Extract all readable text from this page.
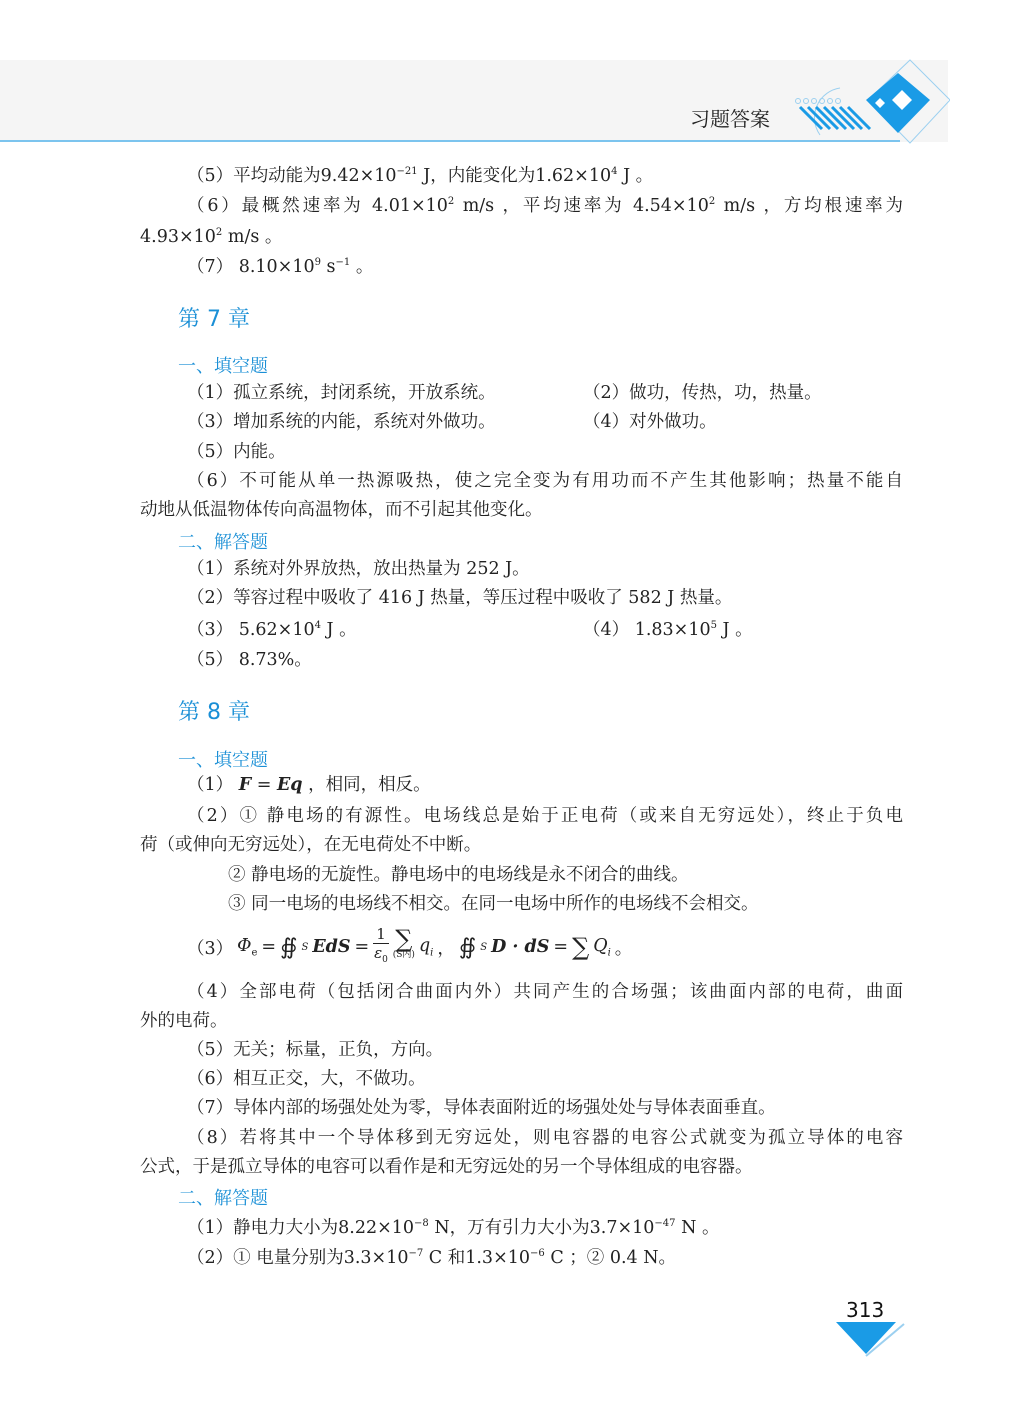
习题答案
（5）平均动能为$9.42\times 10^{-21}$ J，内能变化为$1.62\times 10^4$ J 。
（6）最概然速率为 $4.01\times 10^2$ m/s ，平均速率为 $4.54\times 10^2$ m/s ，方均根速率为
$4.93\times 10^2$ m/s 。
（7） $8.10\times 10^9$ $s^{-1}$ 。
第 7 章
一、填空题
（1）孤立系统，封闭系统，开放系统。	（2）做功，传热，功，热量。
（3）增加系统的内能，系统对外做功。	（4）对外做功。
（5）内能。
（6）不可能从单一热源吸热，使之完全变为有用功而不产生其他影响；热量不能自
动地从低温物体传向高温物体，而不引起其他变化。
二、解答题
（1）系统对外界放热，放出热量为 252 J。
（2）等容过程中吸收了 416 J 热量，等压过程中吸收了 582 J 热量。
（3） $5.62\times 10^4$ J 。	（4） $1.83\times 10^5$ J 。
（5） 8.73%。
第 8 章
一、填空题
（1） F = Eq ，相同，相反。
（2）① 静电场的有源性。电场线总是始于正电荷（或来自无穷远处），终止于负电
荷（或伸向无穷远处），在无电荷处不中断。
② 静电场的无旋性。静电场中的电场线是永不闭合的曲线。
③ 同一电场的电场线不相交。在同一电场中所作的电场线不会相交。
（3） $\Phi_e$ = ∯ S EdS = $\frac{1}{\varepsilon_0}$ ∑
(S内) $q_i$ ， ∯ S D · dS = ∑ $Q_i$ 。
（4）全部电荷（包括闭合曲面内外）共同产生的合场强；该曲面内部的电荷，曲面
外的电荷。
（5）无关；标量，正负，方向。
（6）相互正交，大，不做功。
（7）导体内部的场强处处为零，导体表面附近的场强处处与导体表面垂直。
（8）若将其中一个导体移到无穷远处，则电容器的电容公式就变为孤立导体的电容
公式，于是孤立导体的电容可以看作是和无穷远处的另一个导体组成的电容器。
二、解答题
（1）静电力大小为$8.22\times 10^{-8}$ N，万有引力大小为$3.7\times 10^{-47}$ N 。
（2）① 电量分别为$3.3\times 10^{-7}$ C 和$1.3\times 10^{-6}$ C ；② 0.4 N。
313
